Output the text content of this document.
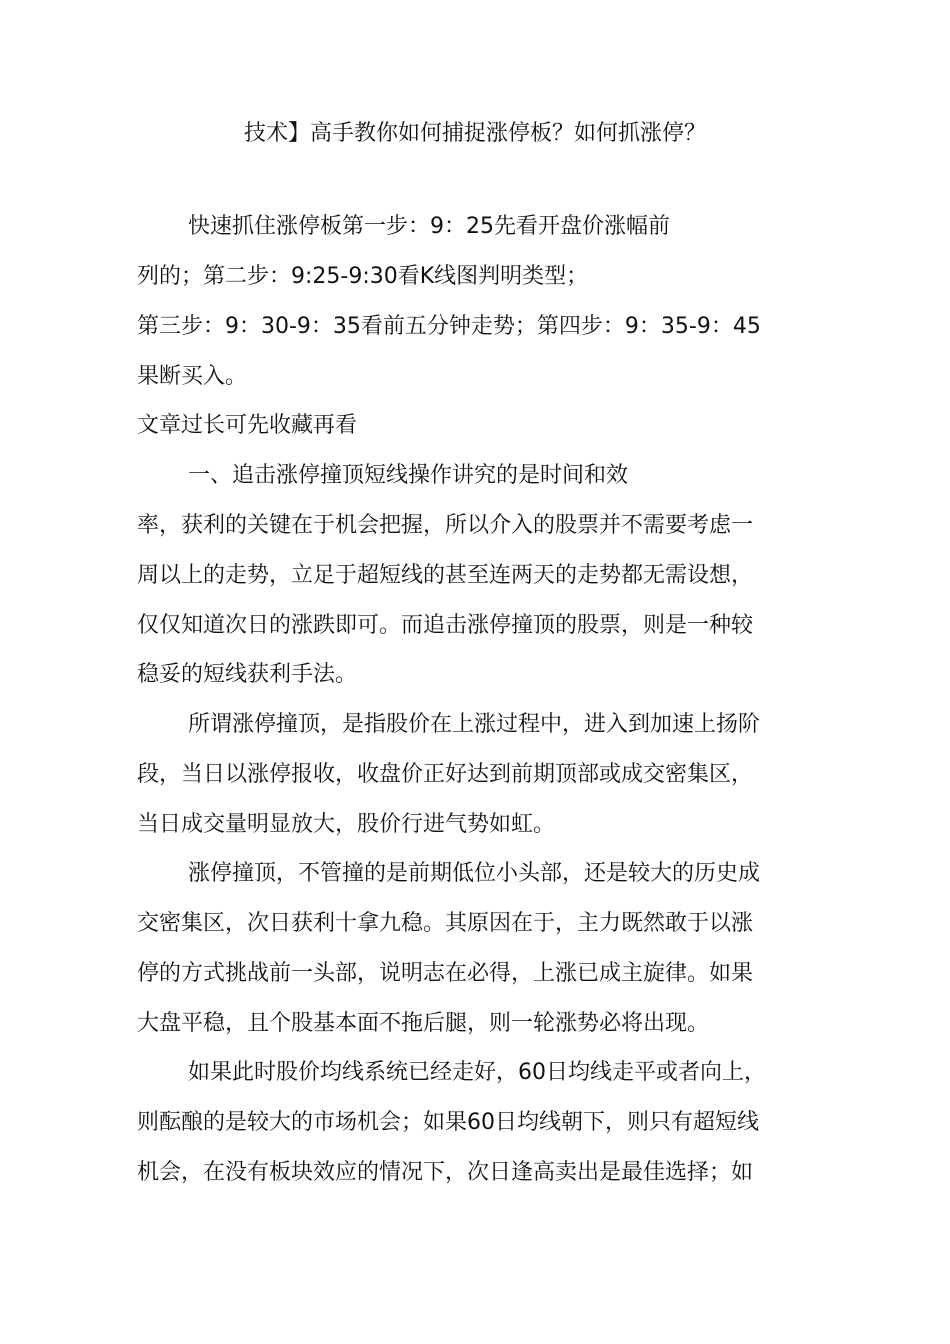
技术】高手教你如何捕捉涨停板？如何抓涨停？
快速抓住涨停板第一步：9：25先看开盘价涨幅前
列的；第二步：9:25-9:30看K线图判明类型；
第三步：9：30-9：35看前五分钟走势；第四步：9：35-9：45
果断买入。
文章过长可先收藏再看
一、追击涨停撞顶短线操作讲究的是时间和效
率，获利的关键在于机会把握，所以介入的股票并不需要考虑一
周以上的走势，立足于超短线的甚至连两天的走势都无需设想，
仅仅知道次日的涨跌即可。而追击涨停撞顶的股票，则是一种较
稳妥的短线获利手法。
所谓涨停撞顶，是指股价在上涨过程中，进入到加速上扬阶
段，当日以涨停报收，收盘价正好达到前期顶部或成交密集区，
当日成交量明显放大，股价行进气势如虹。
涨停撞顶，不管撞的是前期低位小头部，还是较大的历史成
交密集区，次日获利十拿九稳。其原因在于，主力既然敢于以涨
停的方式挑战前一头部，说明志在必得，上涨已成主旋律。如果
大盘平稳，且个股基本面不拖后腿，则一轮涨势必将出现。
如果此时股价均线系统已经走好，60日均线走平或者向上，
则酝酿的是较大的市场机会；如果60日均线朝下，则只有超短线
机会，在没有板块效应的情况下，次日逢高卖出是最佳选择；如
